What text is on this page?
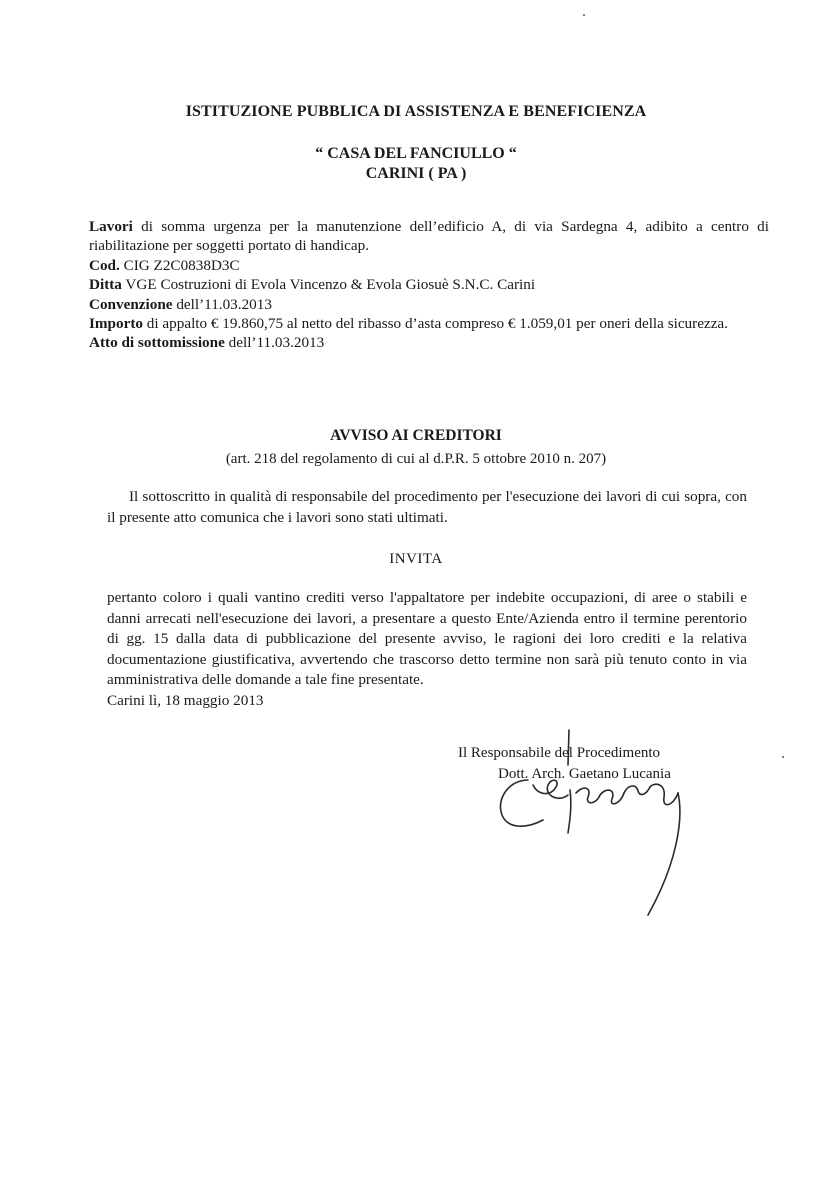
ISTITUZIONE PUBBLICA DI ASSISTENZA E BENEFICIENZA
“ CASA DEL FANCIULLO “
CARINI ( PA )

Lavori di somma urgenza per la manutenzione dell’edificio A, di via Sardegna 4, adibito a centro di riabilitazione per soggetti portato di handicap.

Cod. CIG Z2C0838D3C

Ditta VGE Costruzioni di Evola Vincenzo & Evola Giosuè S.N.C. Carini

Convenzione dell’11.03.2013

Importo di appalto € 19.860,75 al netto del ribasso d’asta compreso € 1.059,01 per oneri della sicurezza.

Atto di sottomissione dell’11.03.2013

AVVISO AI CREDITORI
(art. 218 del regolamento di cui al d.P.R. 5 ottobre 2010 n. 207)
Il sottoscritto in qualità di responsabile del procedimento per l'esecuzione dei lavori di cui sopra, con il presente atto comunica che i lavori sono stati ultimati.
INVITA

pertanto coloro i quali vantino crediti verso l'appaltatore per indebite occupazioni, di aree o stabili e danni arrecati nell'esecuzione dei lavori, a presentare a questo Ente/Azienda entro il termine perentorio di gg. 15 dalla data di pubblicazione del presente avviso, le ragioni dei loro crediti e la relativa documentazione giustificativa, avvertendo che trascorso detto termine non sarà più tenuto conto in via amministrativa delle domande a tale fine presentate.

Carini lì, 18 maggio 2013

Il Responsabile del Procedimento
Dott. Arch. Gaetano Lucania
